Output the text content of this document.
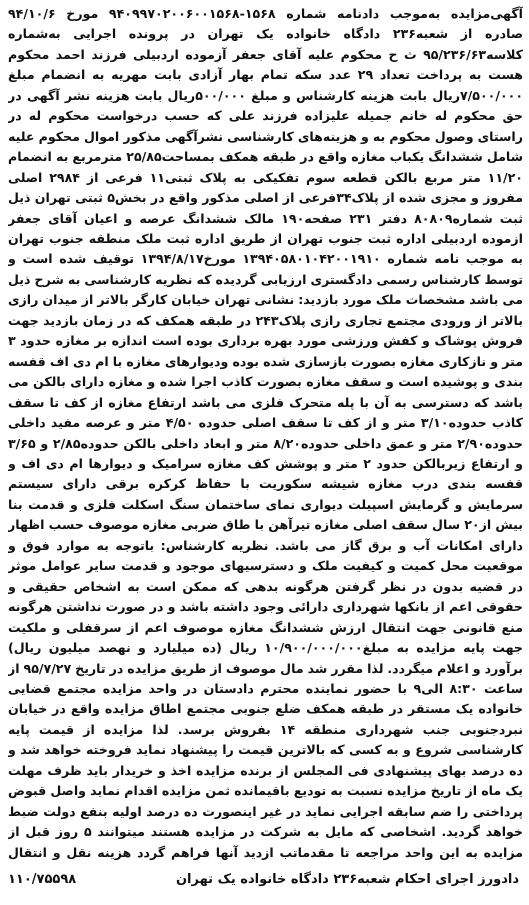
آگهی‌مزایده به‌موجب دادنامه شماره ۱۵۶۸-۹۴۰۹۹۷۰۲۰۰۶۰۰۱۵۶۸ مورخ ۹۴/۱۰/۶ صادره از شعبه۲۳۶ دادگاه خانواده یک تهران در پرونده اجرایی به‌شماره کلاسه۹۵/۲۳۶/۶۳ ث ح محکوم علیه آقای جعفر آزموده اردبیلی فرزند احمد محکوم هست به پرداخت تعداد ۲۹ عدد سکه تمام بهار آزادی بابت مهریه به انضمام مبلغ ۷/۵۰۰/۰۰۰ریال بابت هزینه کارشناس و مبلغ ۵۰۰/۰۰۰ریال بابت هزینه نشر آگهی در حق محکوم له خانم جمیله علیزاده فرزند علی که حسب درخواست محکوم له در راستای وصول محکوم به و هزینه‌های کارشناسی نشرآگهی مذکور اموال محکوم علیه شامل ششدانگ یکباب مغازه واقع در طبقه همکف بمساحت۲۵/۸۵ مترمربع به انضمام ۱۱/۲۰ متر مربع بالکن قطعه سوم تفکیکی به پلاک ثبتی۱۱ فرعی از ۲۹۸۴ اصلی مفروز و مجزی شده از پلاک۳۴فرعی از اصلی مذکور واقع در بخش۵ ثبتی تهران ذیل ثبت شماره۸۰۸۰۹ دفتر ۲۳۱ صفحه۱۹۰ مالک ششدانگ عرصه و اعیان آقای جعفر ازموده اردبیلی اداره ثبت جنوب تهران از طریق اداره ثبت ملک منطقه جنوب تهران به موجب نامه شماره ۱۳۹۴۰۵۸۰۱۰۴۲۰۰۱۹۱۰ مورخ۱۳۹۴/۸/۱۷ توقیف شده است و توسط کارشناس رسمی دادگستری ارزیابی گردیده که نظریه کارشناسی به شرح ذیل می باشد مشخصات ملک مورد بازدید: نشانی تهران خیابان کارگر بالاتر از میدان رازی بالاتر از ورودی مجتمع تجاری رازی پلاک۲۴۳ در طبقه همکف که در زمان بازدید جهت فروش پوشاک و کفش ورزشی مورد بهره برداری بوده است اندازه بر مغازه حدود ۳ متر و نازکاری مغازه بصورت بازسازی شده بوده ودیوارهای مغازه با ام دی اف قفسه بندی و پوشیده است و سقف مغازه بصورت کاذب اجرا شده و مغازه دارای بالکن می باشد که دسترسی به آن با پله متحرک فلزی می باشد ارتفاع مغازه از کف تا سقف کاذب حدوده۳/۱۰ متر و از کف تا سقف اصلی حدوده ۴/۵۰ متر و عرصه مفید داخلی حدوده۲/۹۰ متر و عمق داخلی حدوده۸/۲۰ متر و ابعاد داخلی بالکن حدوده۲/۸۵ و ۳/۶۵ و ارتفاع زیربالکن حدود ۲ متر و پوشش کف مغازه سرامیک و دیوارها ام دی اف و قفسه بندی درب مغازه شیشه سکوریت با حفاظ کرکره برقی دارای سیستم سرمایش و گرمایش اسپیلت دیواری نمای ساختمان سنگ اسکلت فلزی و قدمت بنا بیش از۲۰ سال سقف اصلی مغازه تیرآهن با طاق ضربی مغازه موصوف حسب اظهار دارای امکانات آب و برق گاز می باشد. نظریه کارشناس: باتوجه به موارد فوق و موقعیت محل کمیت و کیفیت ملک و دسترسیهای موجود و قدمت سایر عوامل موثر در قضیه بدون در نظر گرفتن هرگونه بدهی که ممکن است به اشخاص حقیقی و حقوقی اعم از بانکها شهرداری دارائی وجود داشته باشد و در صورت نداشتن هرگونه منع قانونی جهت انتقال ارزش ششدانگ مغازه موصوف اعم از سرقفلی و ملکیت جهت پایه مزایده به مبلغ۱۰/۹۰۰/۰۰۰/۰۰۰ ریال (ده میلیارد و نهصد میلیون ریال) برآورد و اعلام میگردد. لذا مقرر شد مال موصوف از طریق مزایده در تاریخ ۹۵/۷/۲۷ از ساعت ۸:۳۰ الی۹ با حضور نماینده محترم دادستان در واحد مزایده مجتمع قضایی خانواده یک مستقر در طبقه همکف ضلع جنوبی مجتمع اطاق مزایده واقع در خیابان نبردجنوبی جنب شهرداری منطقه ۱۴ بفروش برسد. لذا مزایده از قیمت پایه کارشناسی شروع و به کسی که بالاترین قیمت را پیشنهاد نماید فروخته خواهد شد و ده درصد بهای پیشنهادی فی المجلس از برنده مزایده اخذ و خریدار باید ظرف مهلت یک ماه از تاریخ مزایده نسبت به تودیع باقیمانده ثمن مزایده اقدام نماید واصل قبوض پرداختی را ضم سابقه اجرایی نماید در غیر اینصورت ده درصد اولیه بنفع دولت ضبط خواهد گردید. اشخاصی که مایل به شرکت در مزایده هستند میتوانند ۵ روز قبل از مزایده به این واحد مراجعه تا مقدماتب ازدید آنها فراهم گردد هزینه نقل و انتقال

دادورز اجرای احکام شعبه۲۳۶ دادگاه خانواده یک تهران
۱۱۰/۷۵۵۹۸
